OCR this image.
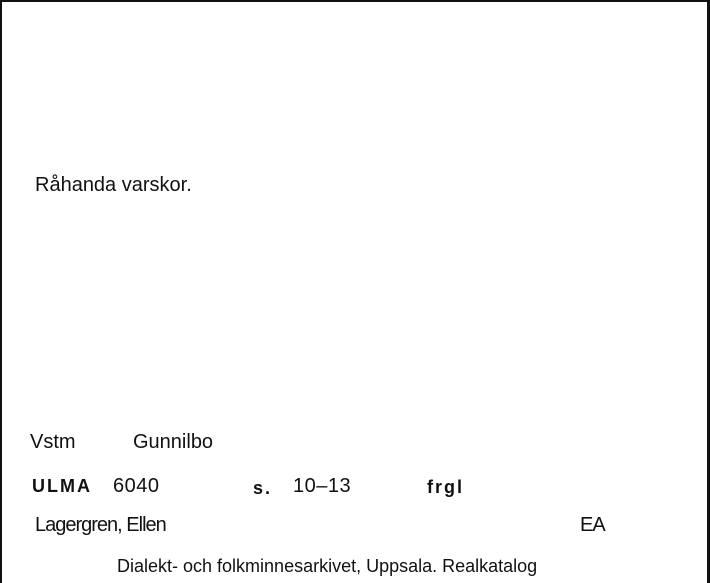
Råhanda varskor.
Vstm	Gunnilbo
ULMA 6040	s. 10–13	frgl
Lagergren, Ellen	EA
Dialekt- och folkminnesarkivet, Uppsala. Realkatalog
